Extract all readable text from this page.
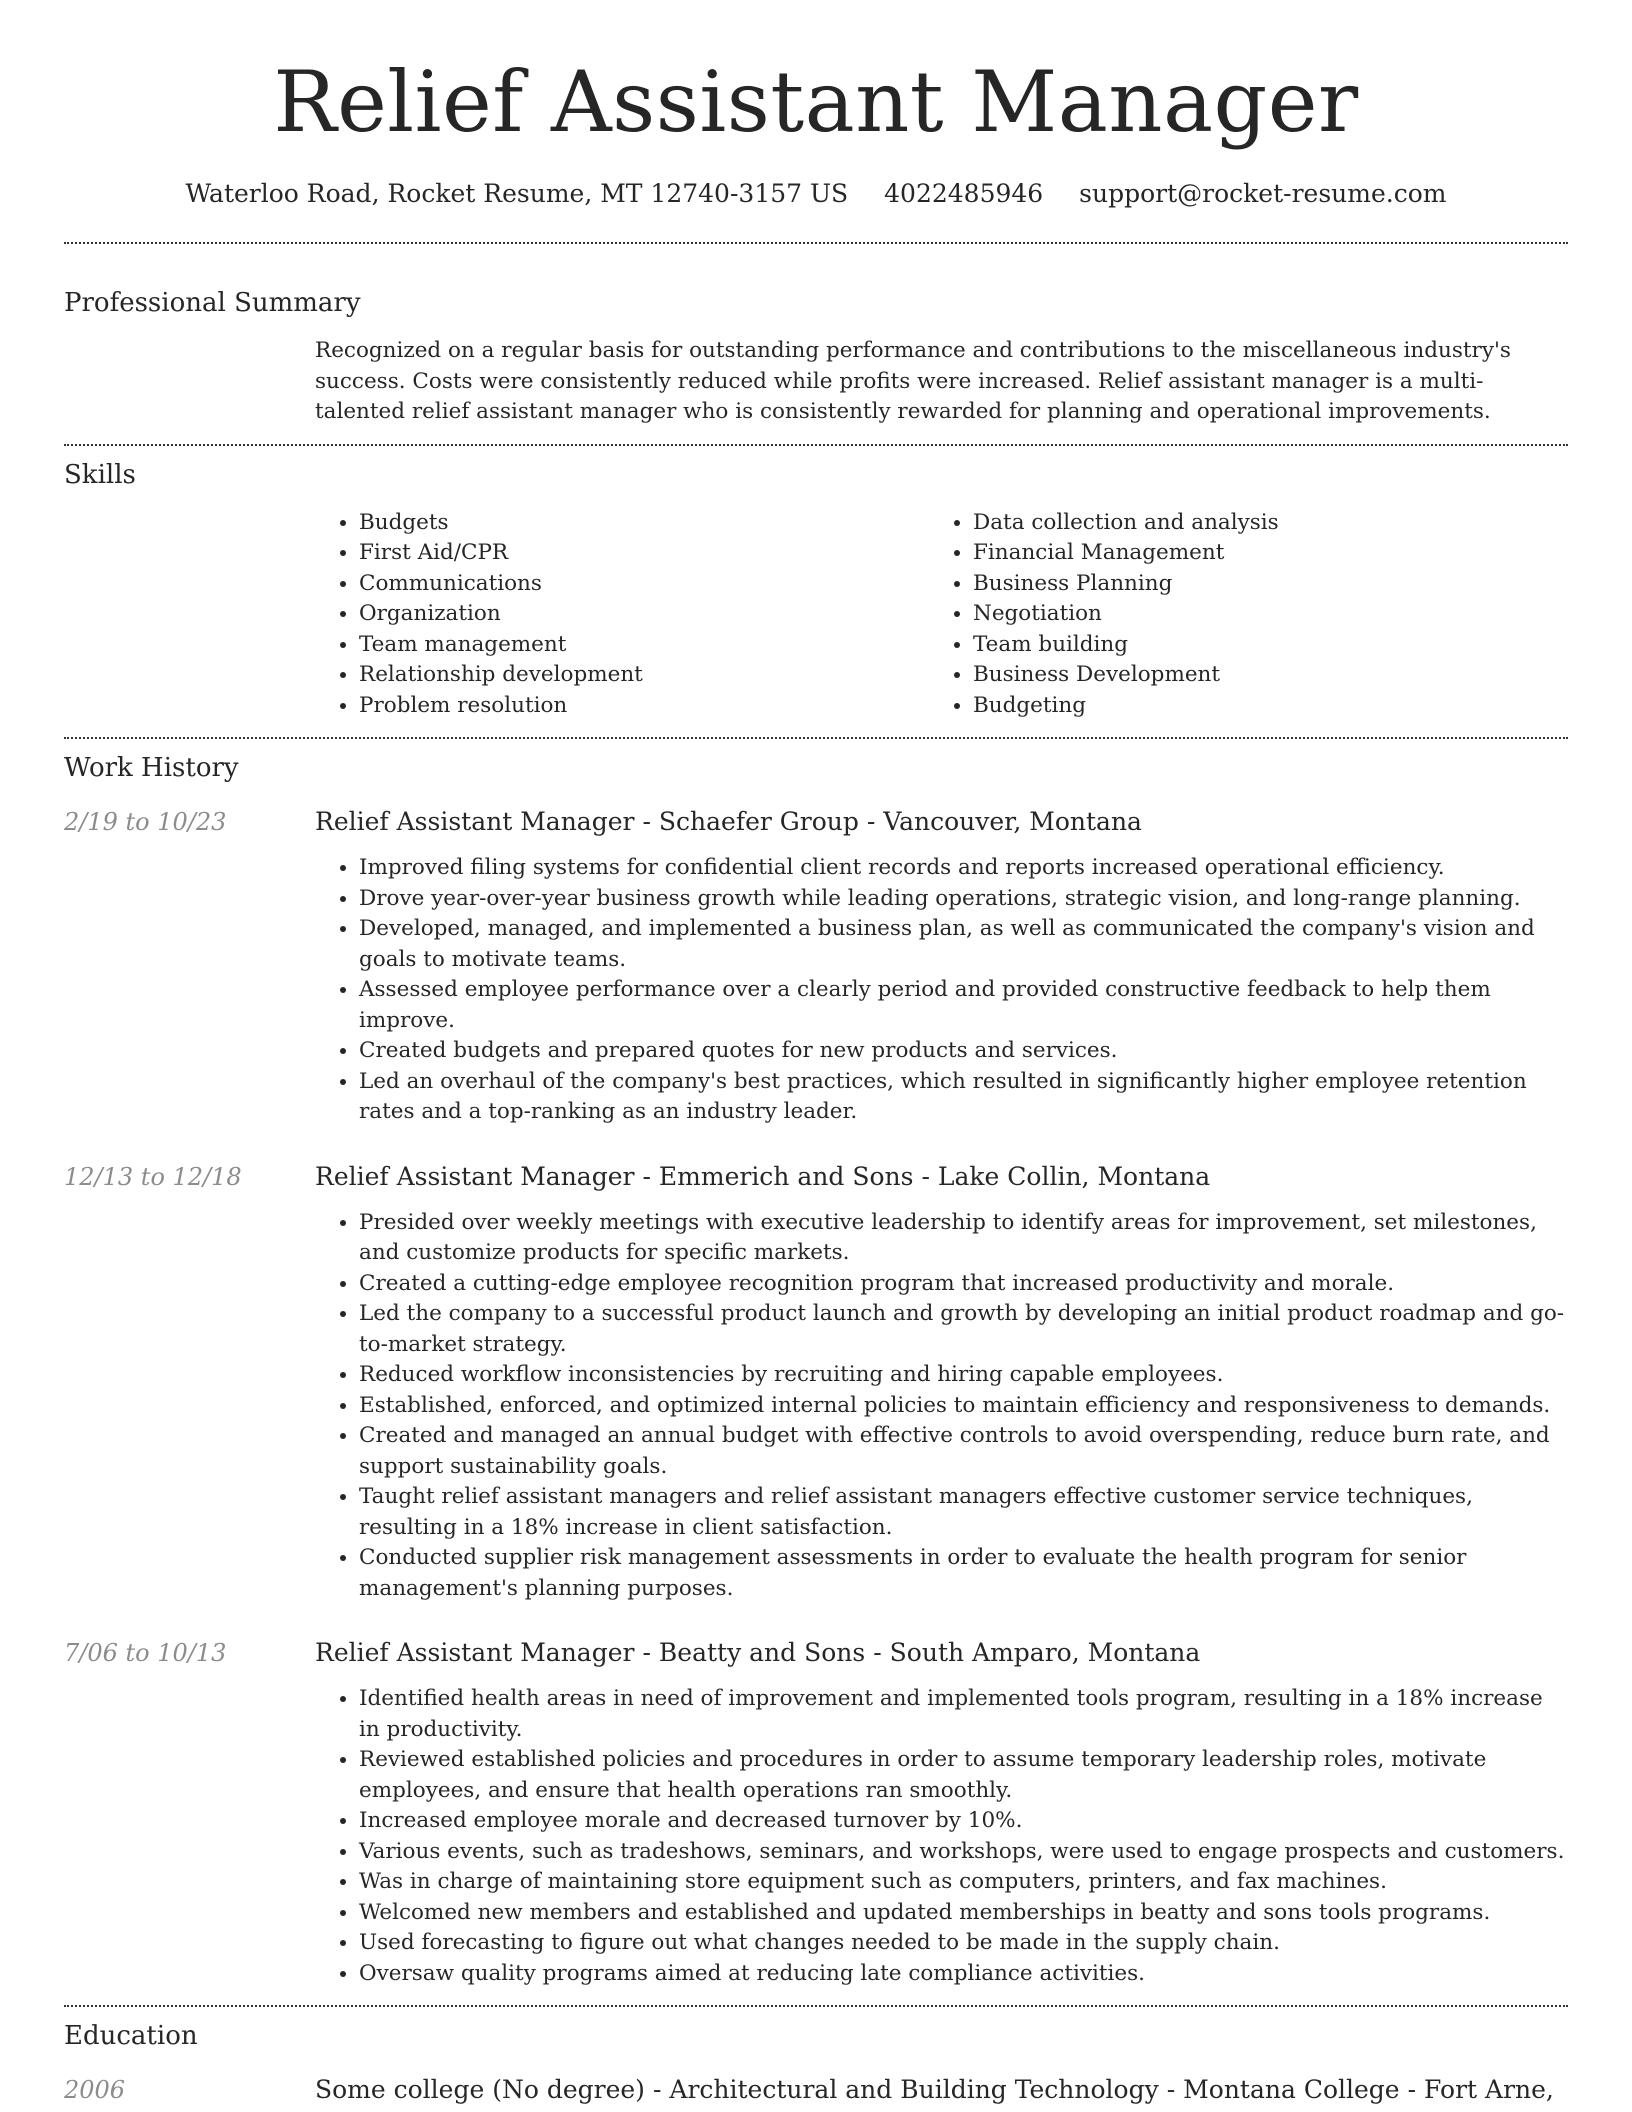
Relief Assistant Manager
Waterloo Road, Rocket Resume, MT 12740-3157 US 4022485946 support@rocket-resume.com
Professional Summary
Recognized on a regular basis for outstanding performance and contributions to the miscellaneous industry's success. Costs were consistently reduced while profits were increased. Relief assistant manager is a multi-talented relief assistant manager who is consistently rewarded for planning and operational improvements.
Skills
• Budgets
• First Aid/CPR
• Communications
• Organization
• Team management
• Relationship development
• Problem resolution
• Data collection and analysis
• Financial Management
• Business Planning
• Negotiation
• Team building
• Business Development
• Budgeting
Work History
2/19 to 10/23	Relief Assistant Manager - Schaefer Group - Vancouver, Montana
• Improved filing systems for confidential client records and reports increased operational efficiency.
• Drove year-over-year business growth while leading operations, strategic vision, and long-range planning.
• Developed, managed, and implemented a business plan, as well as communicated the company's vision and goals to motivate teams.
• Assessed employee performance over a clearly period and provided constructive feedback to help them improve.
• Created budgets and prepared quotes for new products and services.
• Led an overhaul of the company's best practices, which resulted in significantly higher employee retention rates and a top-ranking as an industry leader.
12/13 to 12/18	Relief Assistant Manager - Emmerich and Sons - Lake Collin, Montana
• Presided over weekly meetings with executive leadership to identify areas for improvement, set milestones, and customize products for specific markets.
• Created a cutting-edge employee recognition program that increased productivity and morale.
• Led the company to a successful product launch and growth by developing an initial product roadmap and go-to-market strategy.
• Reduced workflow inconsistencies by recruiting and hiring capable employees.
• Established, enforced, and optimized internal policies to maintain efficiency and responsiveness to demands.
• Created and managed an annual budget with effective controls to avoid overspending, reduce burn rate, and support sustainability goals.
• Taught relief assistant managers and relief assistant managers effective customer service techniques, resulting in a 18% increase in client satisfaction.
• Conducted supplier risk management assessments in order to evaluate the health program for senior management's planning purposes.
7/06 to 10/13	Relief Assistant Manager - Beatty and Sons - South Amparo, Montana
• Identified health areas in need of improvement and implemented tools program, resulting in a 18% increase in productivity.
• Reviewed established policies and procedures in order to assume temporary leadership roles, motivate employees, and ensure that health operations ran smoothly.
• Increased employee morale and decreased turnover by 10%.
• Various events, such as tradeshows, seminars, and workshops, were used to engage prospects and customers.
• Was in charge of maintaining store equipment such as computers, printers, and fax machines.
• Welcomed new members and established and updated memberships in beatty and sons tools programs.
• Used forecasting to figure out what changes needed to be made in the supply chain.
• Oversaw quality programs aimed at reducing late compliance activities.
Education
2006	Some college (No degree) - Architectural and Building Technology - Montana College - Fort Arne,
